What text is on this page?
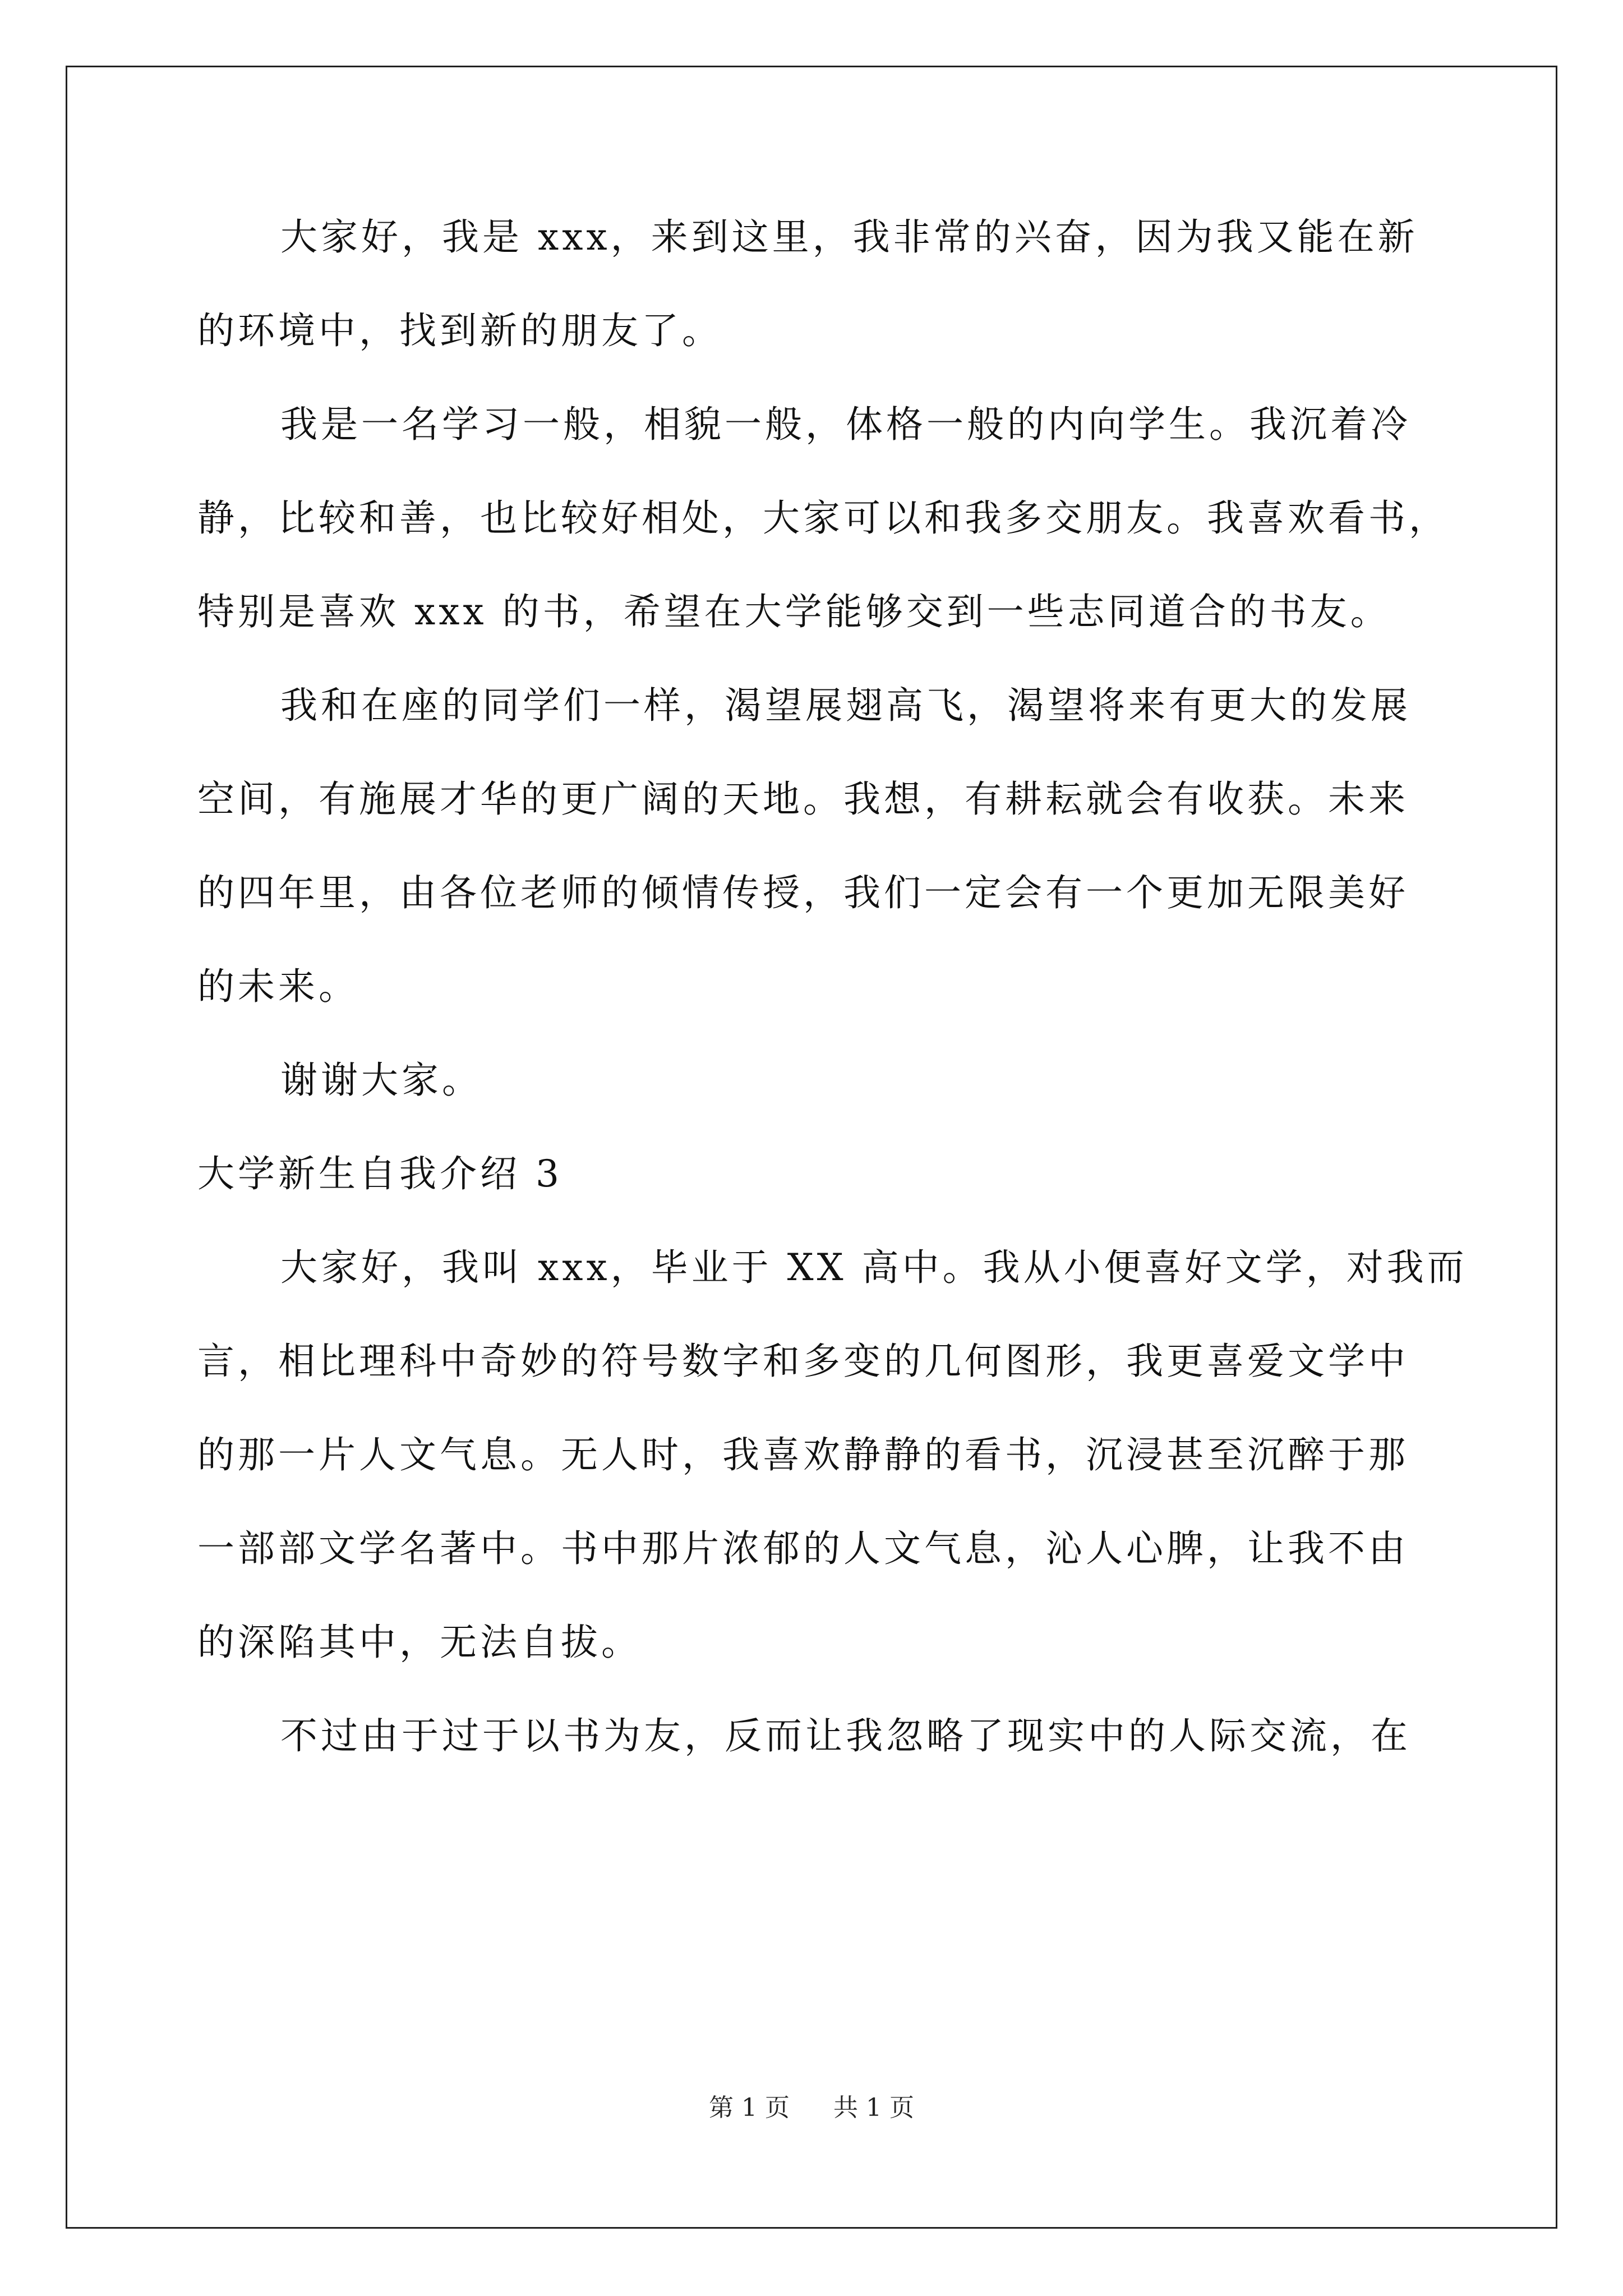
大家好，我是 xxx，来到这里，我非常的兴奋，因为我又能在新
的环境中，找到新的朋友了。
我是一名学习一般，相貌一般，体格一般的内向学生。我沉着冷
静，比较和善，也比较好相处，大家可以和我多交朋友。我喜欢看书，
特别是喜欢 xxx 的书，希望在大学能够交到一些志同道合的书友。
我和在座的同学们一样，渴望展翅高飞，渴望将来有更大的发展
空间，有施展才华的更广阔的天地。我想，有耕耘就会有收获。未来
的四年里，由各位老师的倾情传授，我们一定会有一个更加无限美好
的未来。
谢谢大家。
大学新生自我介绍 3
大家好，我叫 xxx，毕业于 XX 高中。我从小便喜好文学，对我而
言，相比理科中奇妙的符号数字和多变的几何图形，我更喜爱文学中
的那一片人文气息。无人时，我喜欢静静的看书，沉浸甚至沉醉于那
一部部文学名著中。书中那片浓郁的人文气息，沁人心脾，让我不由
的深陷其中，无法自拔。
不过由于过于以书为友，反而让我忽略了现实中的人际交流，在
第 1 页 共 1 页
